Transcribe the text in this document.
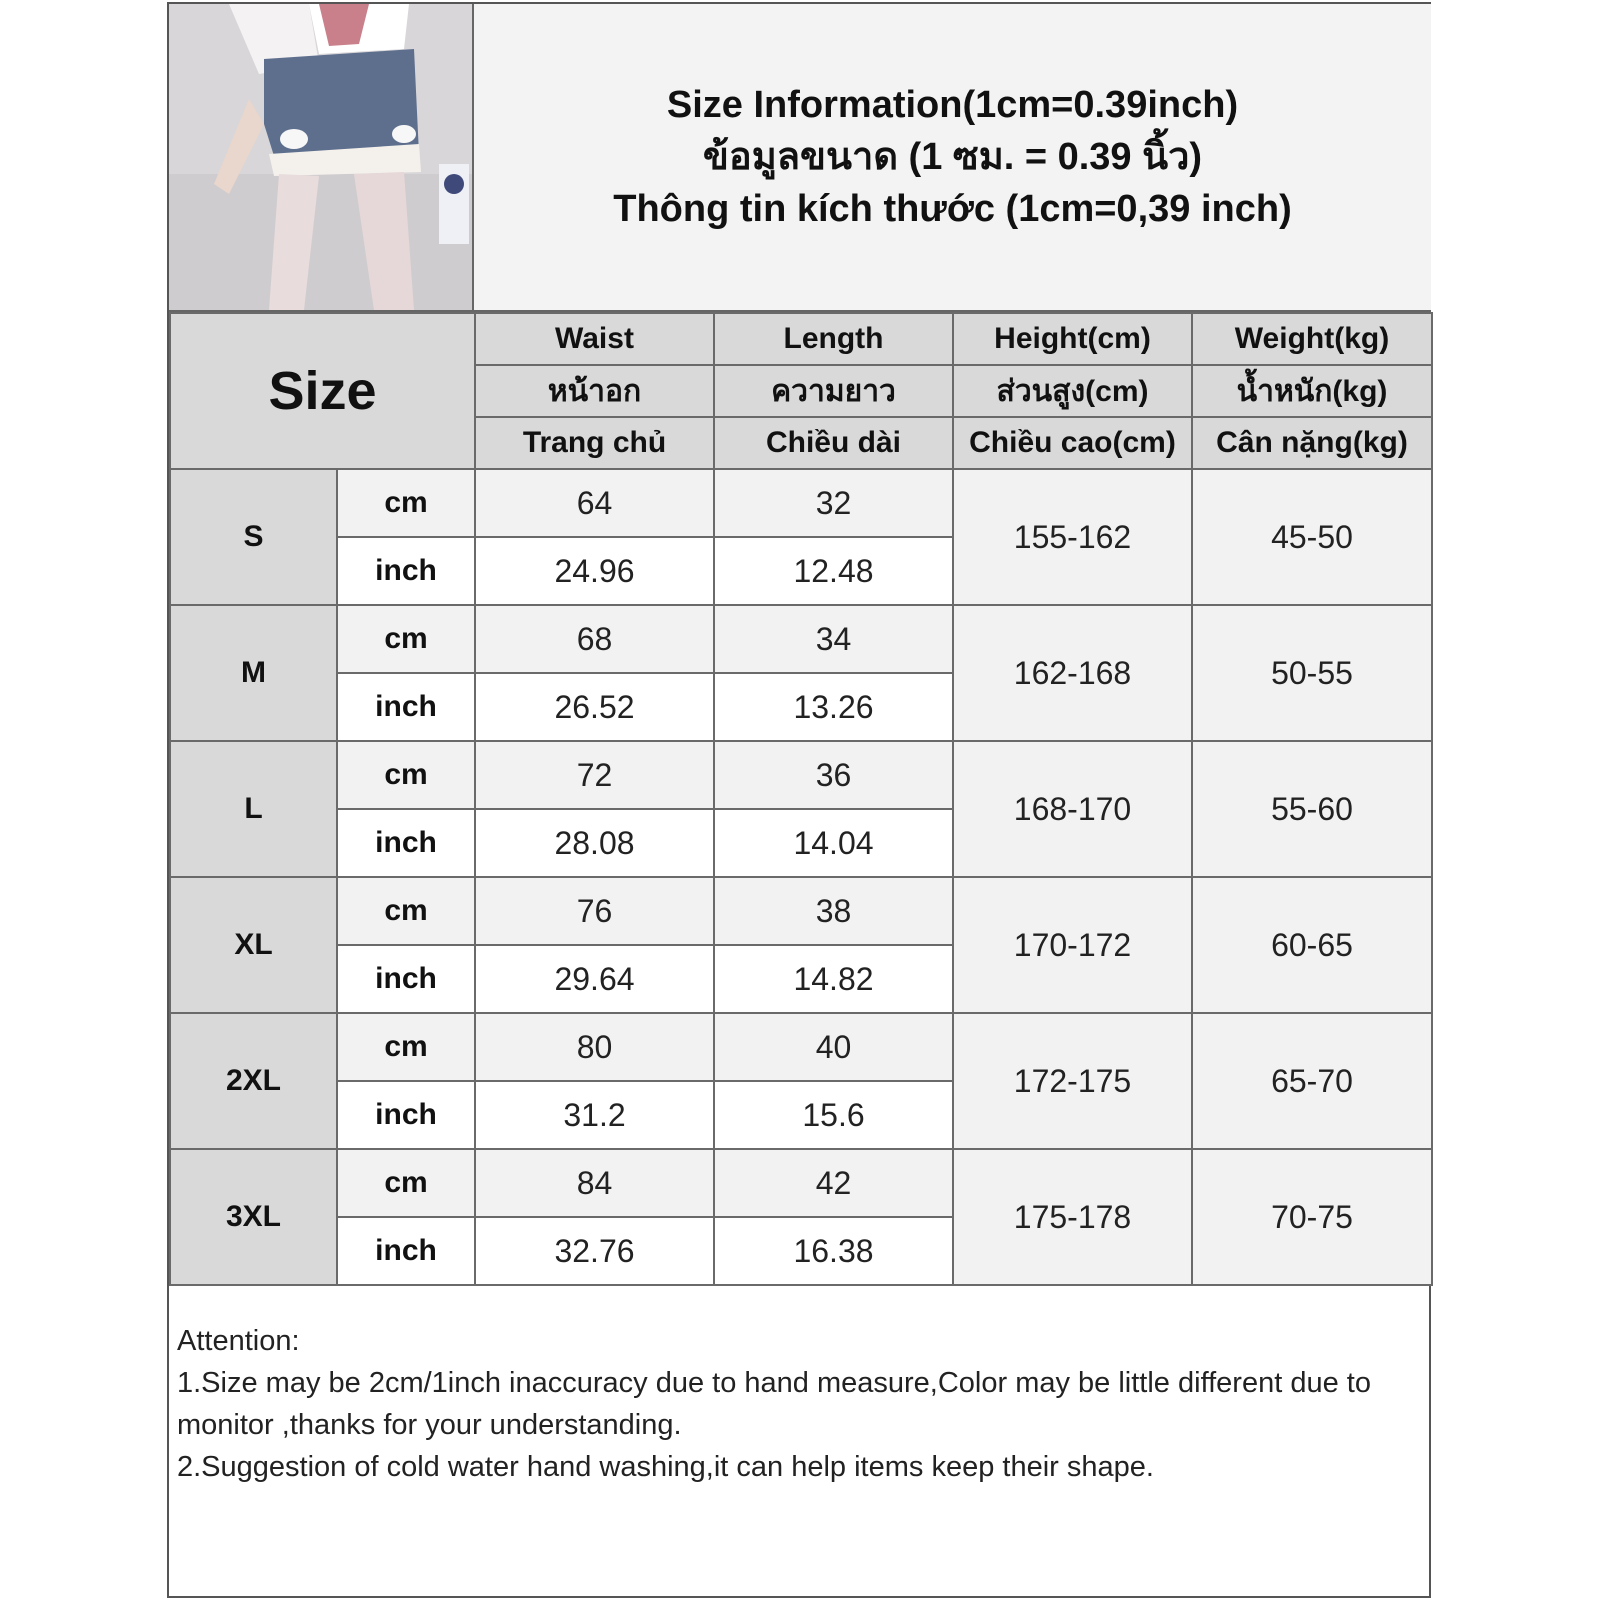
Size Information(1cm=0.39inch)
ข้อมูลขนาด (1 ซม. = 0.39 นิ้ว)
Thông tin kích thước (1cm=0,39 inch)
Size		Waist	Length	Height(cm)	Weight(kg)
		หน้าอก	ความยาว	ส่วนสูง(cm)	น้ำหนัก(kg)
		Trang chủ	Chiều dài	Chiều cao(cm)	Cân nặng(kg)
S	cm	64	32	155-162	45-50
	inch	24.96	12.48		
M	cm	68	34	162-168	50-55
	inch	26.52	13.26		
L	cm	72	36	168-170	55-60
	inch	28.08	14.04		
XL	cm	76	38	170-172	60-65
	inch	29.64	14.82		
2XL	cm	80	40	172-175	65-70
	inch	31.2	15.6		
3XL	cm	84	42	175-178	70-75
	inch	32.76	16.38		
Attention:
1.Size may be 2cm/1inch inaccuracy due to hand measure,Color may be little different due to monitor ,thanks for your understanding.
2.Suggestion of cold water hand washing,it can help items keep their shape.
